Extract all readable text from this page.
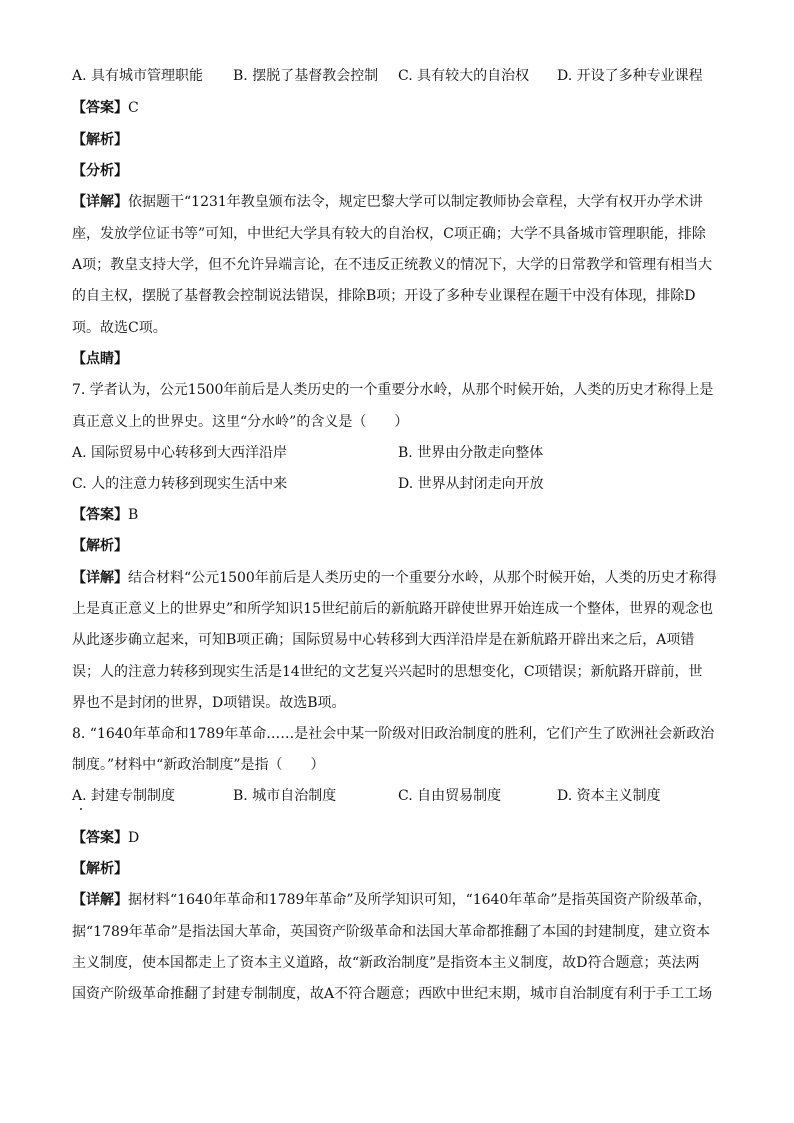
A. 具有城市管理职能 B. 摆脱了基督教会控制 C. 具有较大的自治权 D. 开设了多种专业课程
【答案】C
【解析】
【分析】
【详解】依据题干“1231年教皇颁布法令，规定巴黎大学可以制定教师协会章程，大学有权开办学术讲
座，发放学位证书等”可知，中世纪大学具有较大的自治权，C项正确；大学不具备城市管理职能，排除
A项；教皇支持大学，但不允许异端言论，在不违反正统教义的情况下，大学的日常教学和管理有相当大
的自主权，摆脱了基督教会控制说法错误，排除B项；开设了多种专业课程在题干中没有体现，排除D
项。故选C项。
【点睛】
7. 学者认为，公元1500年前后是人类历史的一个重要分水岭，从那个时候开始，人类的历史才称得上是
真正意义上的世界史。这里“分水岭”的含义是（　　）
A. 国际贸易中心转移到大西洋沿岸	B. 世界由分散走向整体
C. 人的注意力转移到现实生活中来	D. 世界从封闭走向开放
【答案】B
【解析】
【详解】结合材料“公元1500年前后是人类历史的一个重要分水岭，从那个时候开始，人类的历史才称得
上是真正意义上的世界史”和所学知识15世纪前后的新航路开辟使世界开始连成一个整体，世界的观念也
从此逐步确立起来，可知B项正确；国际贸易中心转移到大西洋沿岸是在新航路开辟出来之后，A项错
误；人的注意力转移到现实生活是14世纪的文艺复兴兴起时的思想变化，C项错误；新航路开辟前，世
界也不是封闭的世界，D项错误。故选B项。
8. “1640年革命和1789年革命……是社会中某一阶级对旧政治制度的胜利，它们产生了欧洲社会新政治
制度。”材料中“新政治制度”是指（　　）
A. 封建专制制度	B. 城市自治制度	C. 自由贸易制度	D. 资本主义制度
【答案】D
【解析】
【详解】据材料“1640年革命和1789年革命”及所学知识可知，“1640年革命”是指英国资产阶级革命，
据“1789年革命”是指法国大革命，英国资产阶级革命和法国大革命都推翻了本国的封建制度，建立资本
主义制度，使本国都走上了资本主义道路，故“新政治制度”是指资本主义制度，故D符合题意；英法两
国资产阶级革命推翻了封建专制制度，故A不符合题意；西欧中世纪末期，城市自治制度有利于手工工场
